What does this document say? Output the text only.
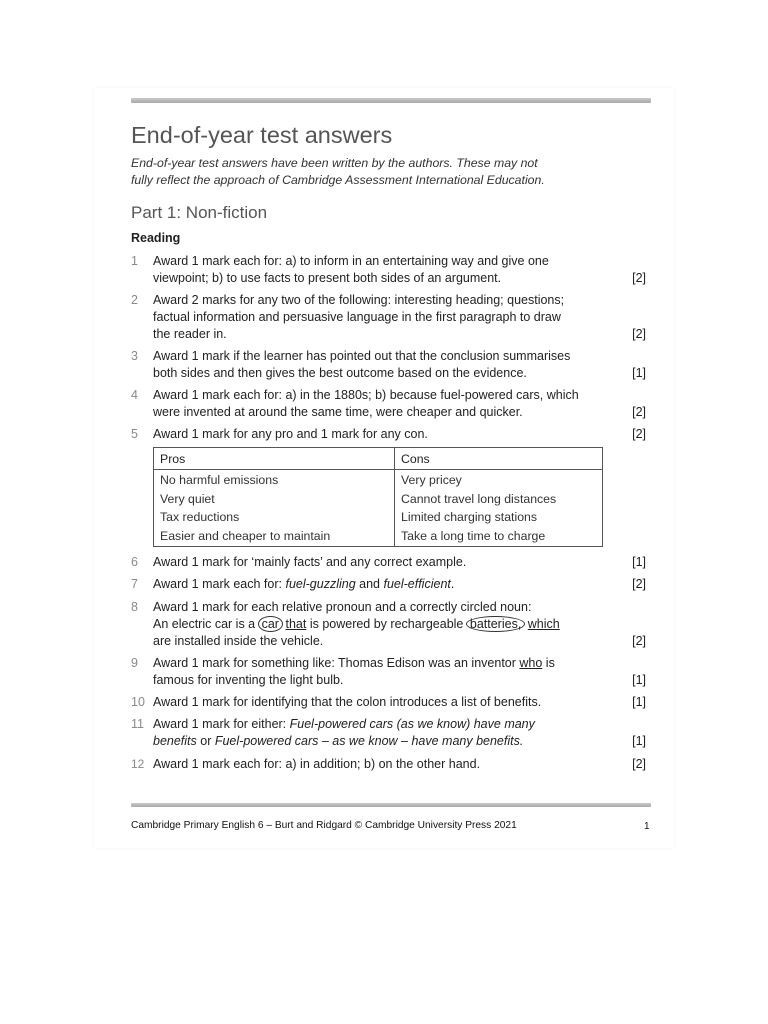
End-of-year test answers
End-of-year test answers have been written by the authors. These may not
fully reflect the approach of Cambridge Assessment International Education.
Part 1: Non-fiction
Reading
1	Award 1 mark each for: a) to inform in an entertaining way and give one
viewpoint; b) to use facts to present both sides of an argument.	[2]
2	Award 2 marks for any two of the following: interesting heading; questions;
factual information and persuasive language in the first paragraph to draw
the reader in.	[2]
3	Award 1 mark if the learner has pointed out that the conclusion summarises
both sides and then gives the best outcome based on the evidence.	[1]
4	Award 1 mark each for: a) in the 1880s; b) because fuel-powered cars, which
were invented at around the same time, were cheaper and quicker.	[2]
5	Award 1 mark for any pro and 1 mark for any con.	[2]
Pros	Cons
No harmful emissions	Very pricey
Very quiet	Cannot travel long distances
Tax reductions	Limited charging stations
Easier and cheaper to maintain	Take a long time to charge
6	Award 1 mark for ‘mainly facts’ and any correct example.	[1]
7	Award 1 mark each for: fuel-guzzling and fuel-efficient.	[2]
8	Award 1 mark for each relative pronoun and a correctly circled noun:
An electric car is a car that is powered by rechargeable batteries, which
are installed inside the vehicle.	[2]
9	Award 1 mark for something like: Thomas Edison was an inventor who is
famous for inventing the light bulb.	[1]
10 Award 1 mark for identifying that the colon introduces a list of benefits.	[1]
11 Award 1 mark for either: Fuel-powered cars (as we know) have many
benefits or Fuel-powered cars – as we know – have many benefits.	[1]
12 Award 1 mark each for: a) in addition; b) on the other hand.	[2]

Cambridge Primary English 6 – Burt and Ridgard © Cambridge University Press 2021	1
